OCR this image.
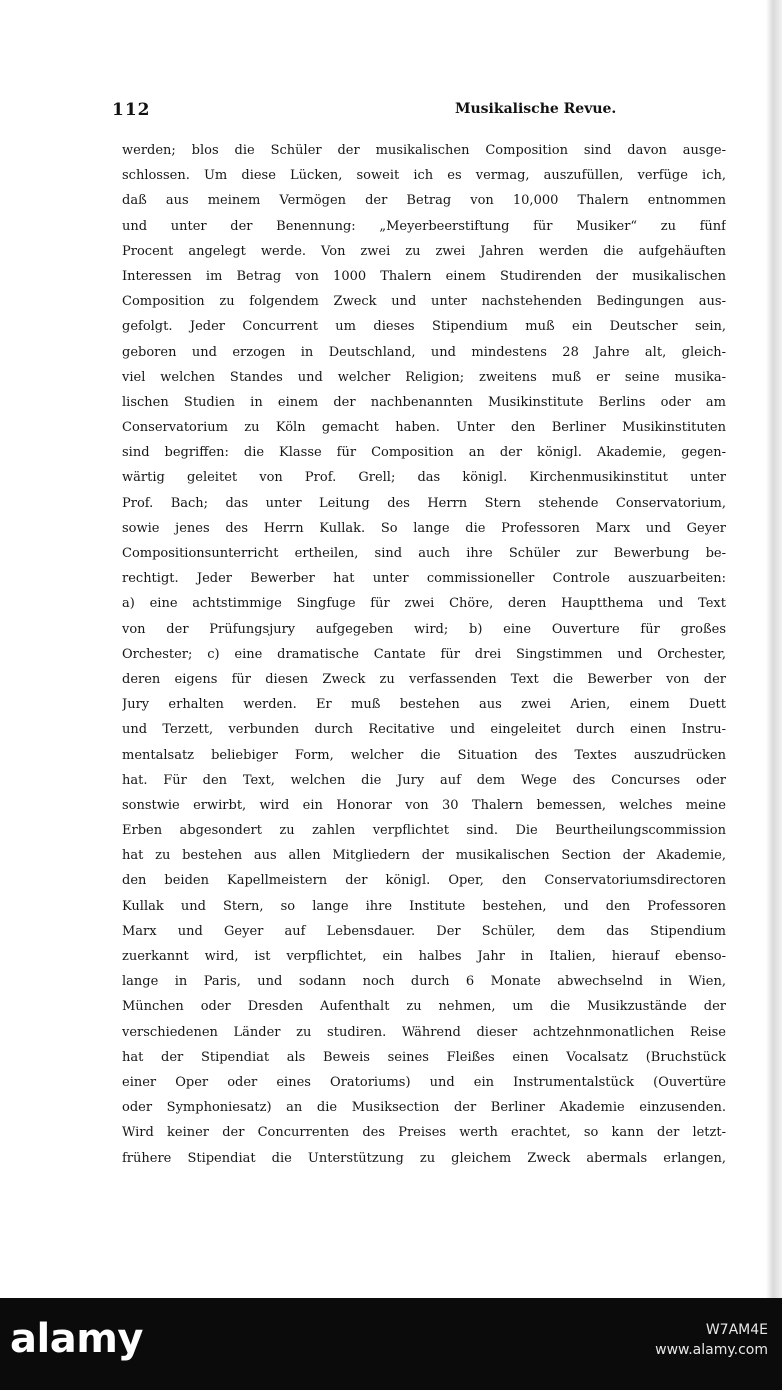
112	Musikalische Revue.
werden; blos die Schüler der musikalischen Composition sind davon ausge-
schlossen. Um diese Lücken, soweit ich es vermag, auszufüllen, verfüge ich,
daß aus meinem Vermögen der Betrag von 10,000 Thalern entnommen
und unter der Benennung: „Meyerbeerstiftung für Musiker“ zu fünf
Procent angelegt werde. Von zwei zu zwei Jahren werden die aufgehäuften
Interessen im Betrag von 1000 Thalern einem Studirenden der musikalischen
Composition zu folgendem Zweck und unter nachstehenden Bedingungen aus-
gefolgt. Jeder Concurrent um dieses Stipendium muß ein Deutscher sein,
geboren und erzogen in Deutschland, und mindestens 28 Jahre alt, gleich-
viel welchen Standes und welcher Religion; zweitens muß er seine musika-
lischen Studien in einem der nachbenannten Musikinstitute Berlins oder am
Conservatorium zu Köln gemacht haben. Unter den Berliner Musikinstituten
sind begriffen: die Klasse für Composition an der königl. Akademie, gegen-
wärtig geleitet von Prof. Grell; das königl. Kirchenmusikinstitut unter
Prof. Bach; das unter Leitung des Herrn Stern stehende Conservatorium,
sowie jenes des Herrn Kullak. So lange die Professoren Marx und Geyer
Compositionsunterricht ertheilen, sind auch ihre Schüler zur Bewerbung be-
rechtigt. Jeder Bewerber hat unter commissioneller Controle auszuarbeiten:
a) eine achtstimmige Singfuge für zwei Chöre, deren Hauptthema und Text
von der Prüfungsjury aufgegeben wird; b) eine Ouverture für großes
Orchester; c) eine dramatische Cantate für drei Singstimmen und Orchester,
deren eigens für diesen Zweck zu verfassenden Text die Bewerber von der
Jury erhalten werden. Er muß bestehen aus zwei Arien, einem Duett
und Terzett, verbunden durch Recitative und eingeleitet durch einen Instru-
mentalsatz beliebiger Form, welcher die Situation des Textes auszudrücken
hat. Für den Text, welchen die Jury auf dem Wege des Concurses oder
sonstwie erwirbt, wird ein Honorar von 30 Thalern bemessen, welches meine
Erben abgesondert zu zahlen verpflichtet sind. Die Beurtheilungscommission
hat zu bestehen aus allen Mitgliedern der musikalischen Section der Akademie,
den beiden Kapellmeistern der königl. Oper, den Conservatoriumsdirectoren
Kullak und Stern, so lange ihre Institute bestehen, und den Professoren
Marx und Geyer auf Lebensdauer. Der Schüler, dem das Stipendium
zuerkannt wird, ist verpflichtet, ein halbes Jahr in Italien, hierauf ebenso-
lange in Paris, und sodann noch durch 6 Monate abwechselnd in Wien,
München oder Dresden Aufenthalt zu nehmen, um die Musikzustände der
verschiedenen Länder zu studiren. Während dieser achtzehnmonatlichen Reise
hat der Stipendiat als Beweis seines Fleißes einen Vocalsatz (Bruchstück
einer Oper oder eines Oratoriums) und ein Instrumentalstück (Ouvertüre
oder Symphoniesatz) an die Musiksection der Berliner Akademie einzusenden.
Wird keiner der Concurrenten des Preises werth erachtet, so kann der letzt-
frühere Stipendiat die Unterstützung zu gleichem Zweck abermals erlangen,
alamy	W7AM4E
www.alamy.com
